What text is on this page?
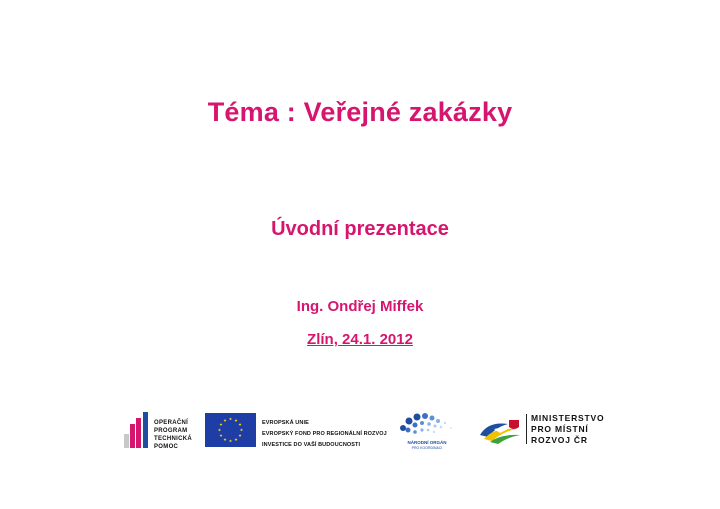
Téma : Veřejné zakázky
Úvodní prezentace
Ing. Ondřej Miffek
Zlín, 24.1. 2012
OPERAČNÍ
PROGRAM
TECHNICKÁ
POMOC
EVROPSKÁ UNIE
EVROPSKÝ FOND PRO REGIONÁLNÍ ROZVOJ
INVESTICE DO VAŠÍ BUDOUCNOSTI	NÁRODNÍ ORGÁN
PRO KOORDINACI
MINISTERSTVO
PRO MÍSTNÍ
ROZVOJ ČR
